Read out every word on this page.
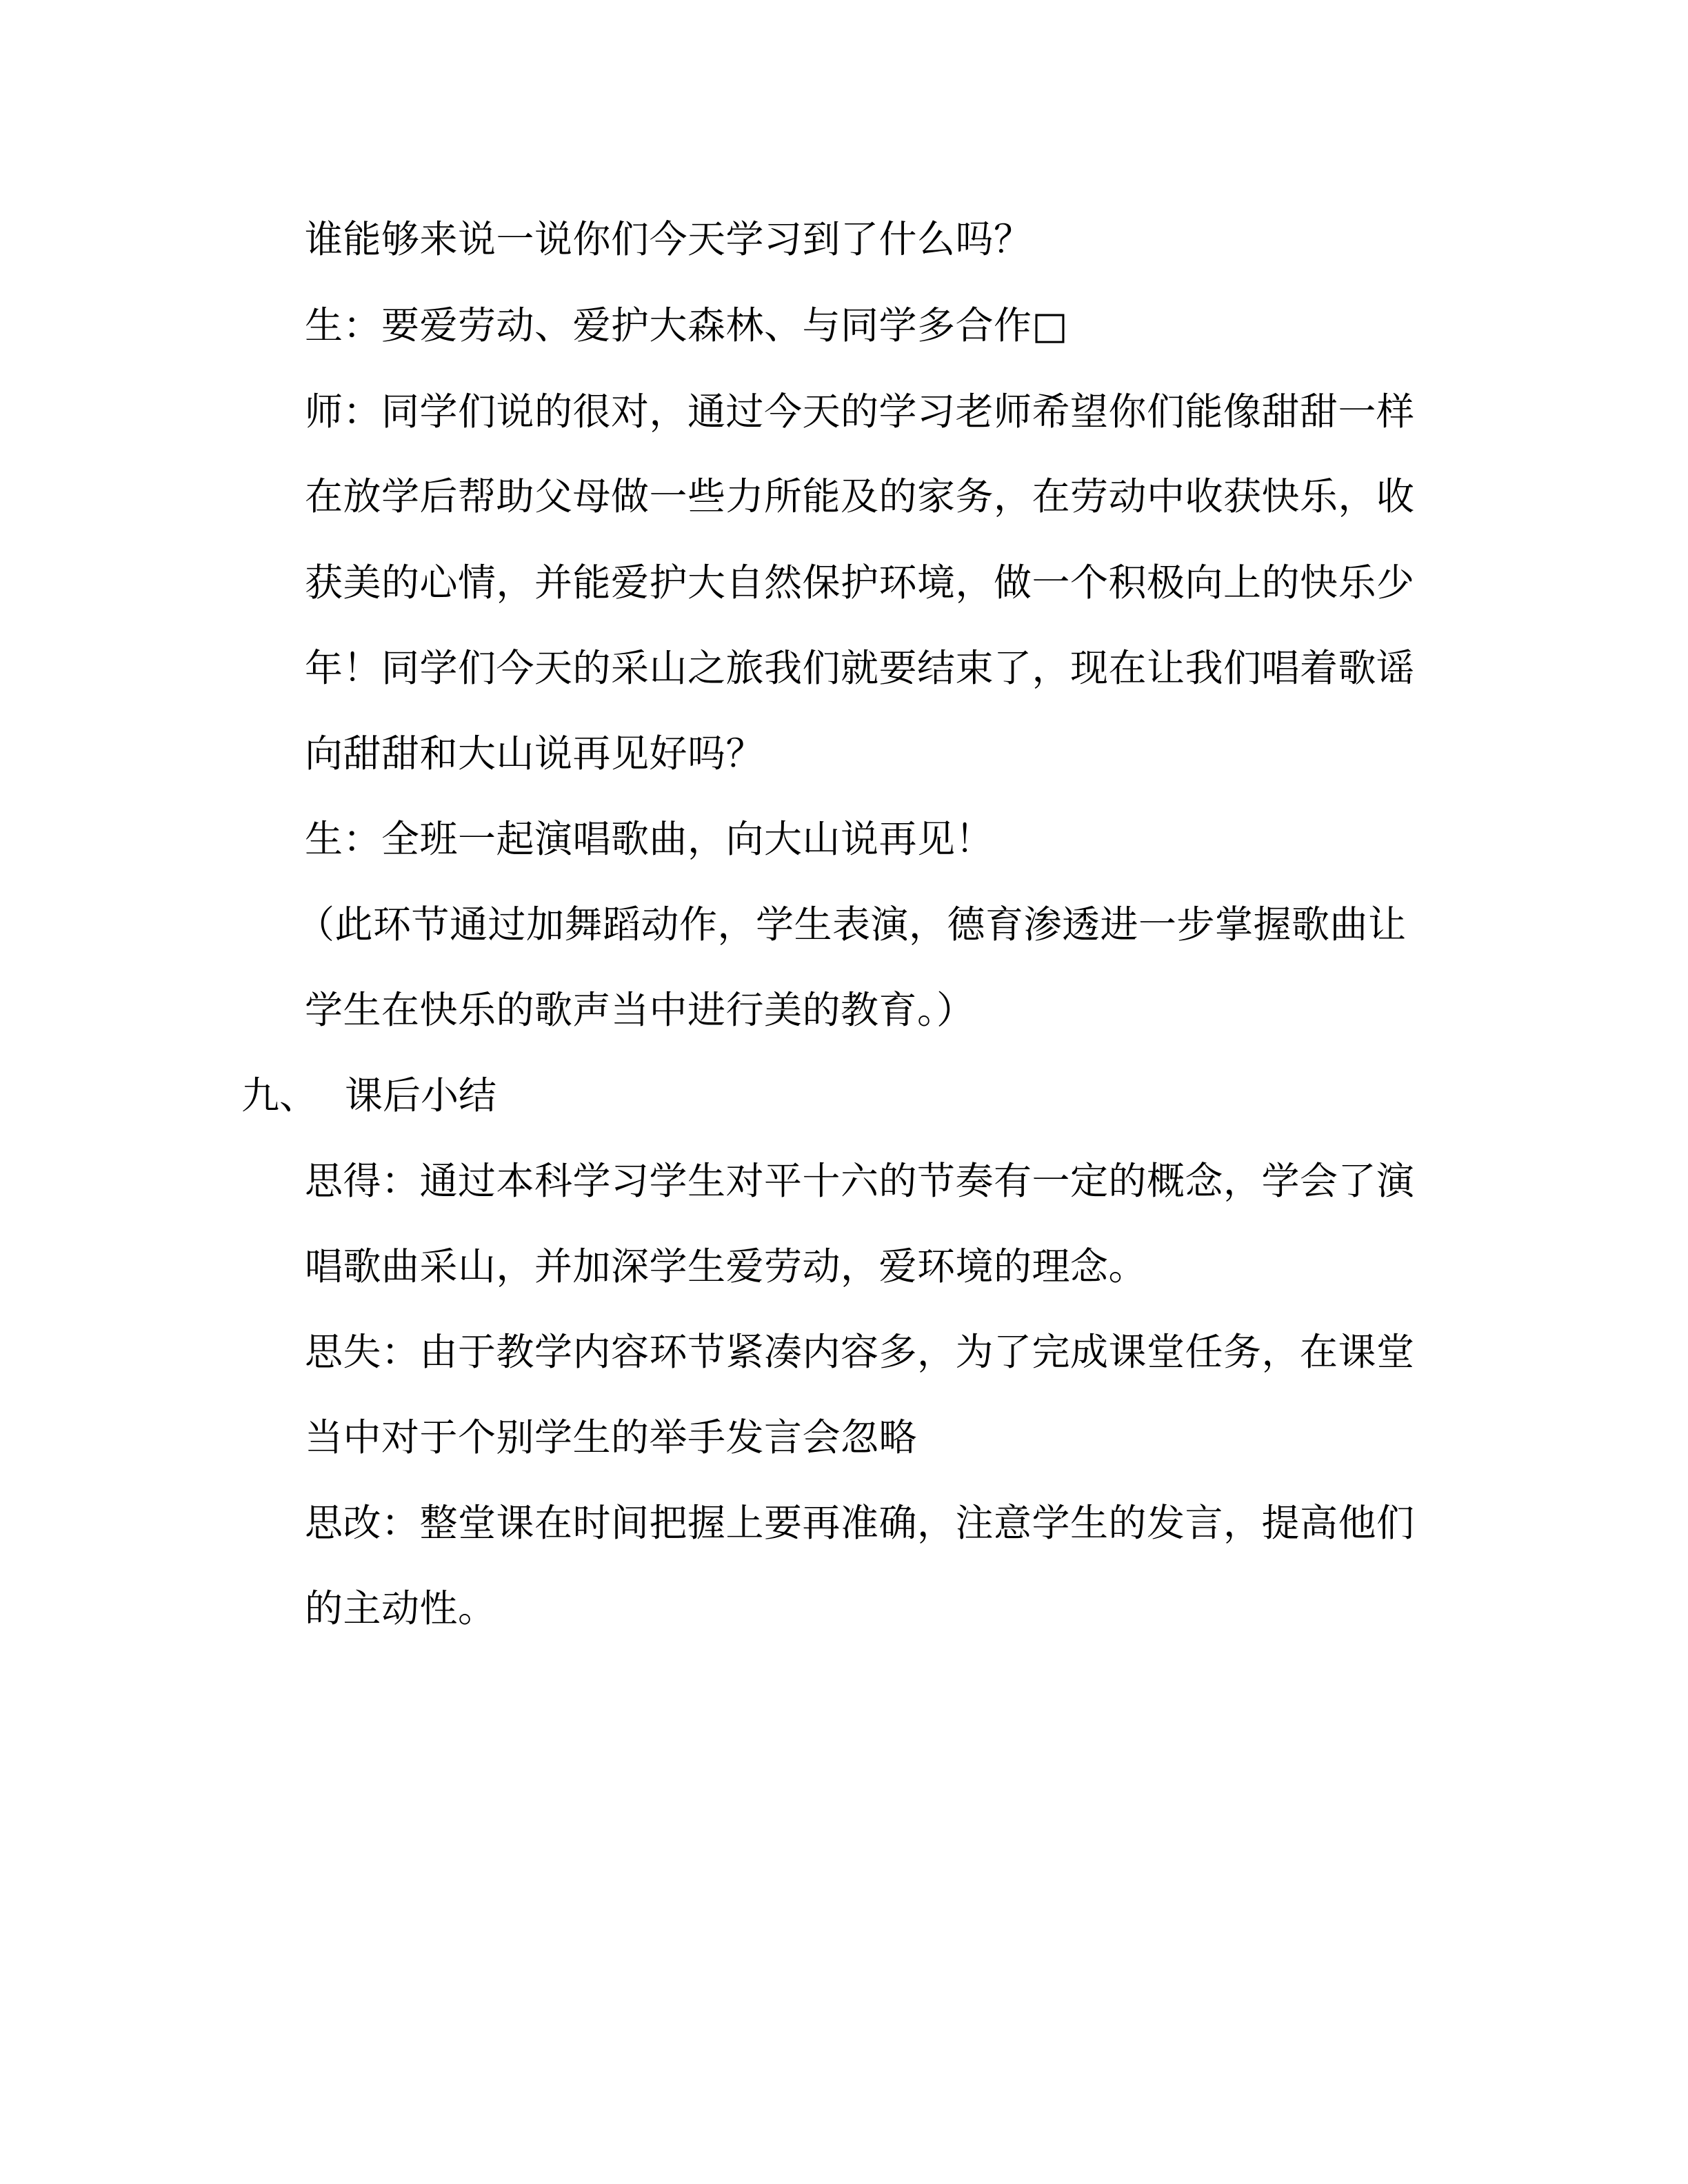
谁能够来说一说你们今天学习到了什么吗？
生：要爱劳动、爱护大森林、与同学多合作□
师：同学们说的很对，通过今天的学习老师希望你们能像甜甜一样
在放学后帮助父母做一些力所能及的家务，在劳动中收获快乐，收
获美的心情，并能爱护大自然保护环境，做一个积极向上的快乐少
年！同学们今天的采山之旅我们就要结束了，现在让我们唱着歌谣
向甜甜和大山说再见好吗？
生：全班一起演唱歌曲，向大山说再见！
（此环节通过加舞蹈动作，学生表演，德育渗透进一步掌握歌曲让
学生在快乐的歌声当中进行美的教育。）
九、 课后小结
思得：通过本科学习学生对平十六的节奏有一定的概念，学会了演
唱歌曲采山，并加深学生爱劳动，爱环境的理念。
思失：由于教学内容环节紧凑内容多，为了完成课堂任务，在课堂
当中对于个别学生的举手发言会忽略
思改：整堂课在时间把握上要再准确，注意学生的发言，提高他们
的主动性。
